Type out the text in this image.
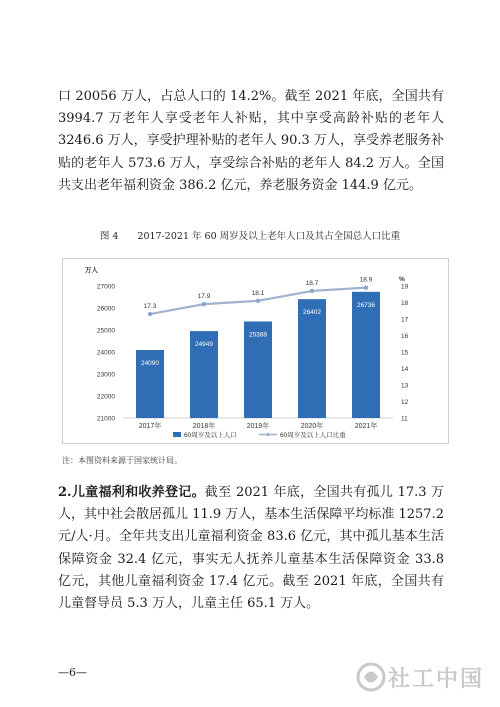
口 20056 万人，占总人口的 14.2%。截至 2021 年底，全国共有 3994.7 万老年人享受老年人补贴，其中享受高龄补贴的老年人 3246.6 万人，享受护理补贴的老年人 90.3 万人，享受养老服务补贴的老年人 573.6 万人，享受综合补贴的老年人 84.2 万人。全国共支出老年福利资金 386.2 亿元，养老服务资金 144.9 亿元。

图 4　　2017-2021 年 60 周岁及以上老年人口及其占全国总人口比重
万人
%
27000
26000
25000
24000
23000
22000
21000
19
18
17
16
15
14
13
12
11
24090
24949
25388
26402
26736
17.3
17.9	18.1
18.7	18.9
2017年	2018年	2019年	2020年	2021年
60周岁及以上人口	60周岁及以上人口比重
注：本图资料来源于国家统计局。

2.儿童福利和收养登记。截至 2021 年底，全国共有孤儿 17.3 万人，其中社会散居孤儿 11.9 万人，基本生活保障平均标准 1257.2 元/人·月。全年共支出儿童福利资金 83.6 亿元，其中孤儿基本生活保障资金 32.4 亿元，事实无人抚养儿童基本生活保障资金 33.8 亿元，其他儿童福利资金 17.4 亿元。截至 2021 年底，全国共有儿童督导员 5.3 万人，儿童主任 65.1 万人。

—6—	社工中国
